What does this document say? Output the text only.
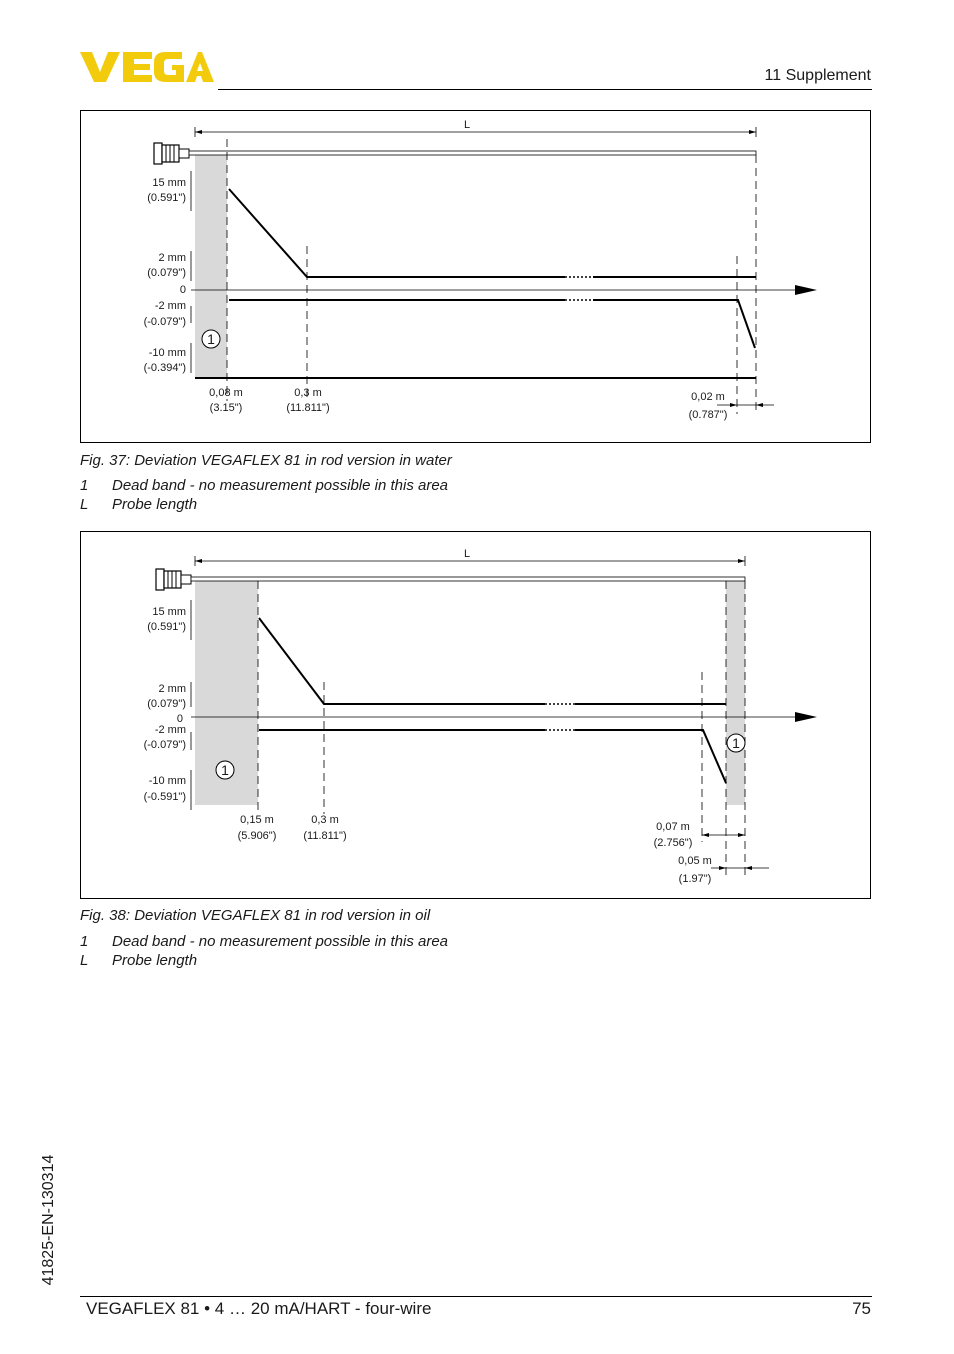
11 Supplement
L
1
15 mm
(0.591")
2 mm
(0.079")
0
-2 mm
(-0.079")
-10 mm
(-0.394")
0,08 m
(3.15")
0,3 m
(11.811")
0,02 m
(0.787")
Fig. 37: Deviation VEGAFLEX 81 in rod version in water
1 Dead band - no measurement possible in this area
L Probe length
L
1
1
15 mm
(0.591")
2 mm
(0.079")
0
-2 mm
(-0.079")
-10 mm
(-0.591")
0,15 m
(5.906")
0,3 m
(11.811")
0,07 m
(2.756")
0,05 m
(1.97")
Fig. 38: Deviation VEGAFLEX 81 in rod version in oil
1 Dead band - no measurement possible in this area
L Probe length
41825-EN-130314
VEGAFLEX 81 • 4 … 20 mA/HART - four-wire	75
